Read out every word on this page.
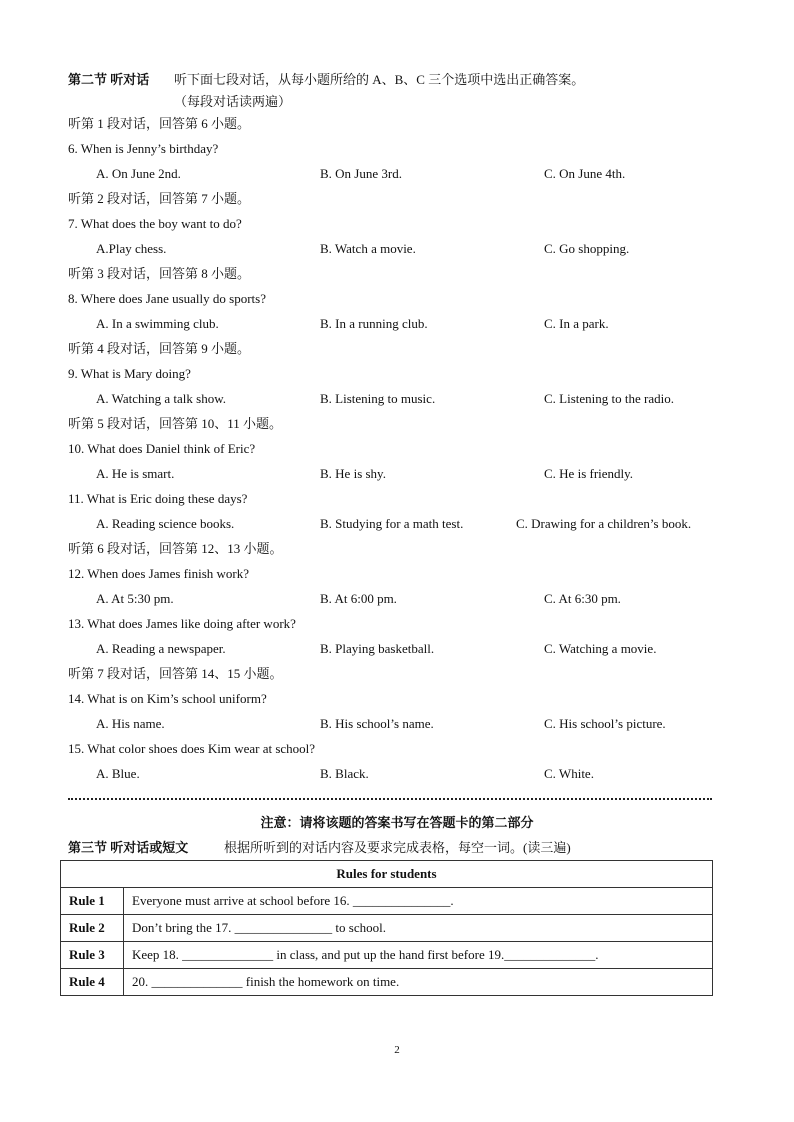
第二节 听对话 听下面七段对话，从每小题所给的 A、B、C 三个选项中选出正确答案。
（每段对话读两遍）
听第 1 段对话，回答第 6 小题。
6. When is Jenny’s birthday?
A. On June 2nd.	B. On June 3rd.	C. On June 4th.
听第 2 段对话，回答第 7 小题。
7. What does the boy want to do?
A.Play chess.	B. Watch a movie.	C. Go shopping.
听第 3 段对话，回答第 8 小题。
8. Where does Jane usually do sports?
A. In a swimming club.	B. In a running club.	C. In a park.
听第 4 段对话，回答第 9 小题。
9. What is Mary doing?
A. Watching a talk show.	B. Listening to music.	C. Listening to the radio.
听第 5 段对话，回答第 10、11 小题。
10. What does Daniel think of Eric?
A. He is smart.	B. He is shy.	C. He is friendly.
11. What is Eric doing these days?
A. Reading science books.	B. Studying for a math test.	C. Drawing for a children’s book.
听第 6 段对话，回答第 12、13 小题。
12. When does James finish work?
A. At 5:30 pm.	B. At 6:00 pm.	C. At 6:30 pm.
13. What does James like doing after work?
A. Reading a newspaper.	B. Playing basketball.	C. Watching a movie.
听第 7 段对话，回答第 14、15 小题。
14. What is on Kim’s school uniform?
A. His name.	B. His school’s name.	C. His school’s picture.
15. What color shoes does Kim wear at school?
A. Blue.	B. Black.	C. White.
注意：请将该题的答案书写在答题卡的第二部分
第三节 听对话或短文	根据所听到的对话内容及要求完成表格，每空一词。(读三遍)
Rules for students	
Rule 1	Everyone must arrive at school before 16. _______________.
Rule 2	Don’t bring the 17. _______________ to school.
Rule 3	Keep 18. ______________ in class, and put up the hand first before 19.______________.
Rule 4	20. ______________ finish the homework on time.
2
